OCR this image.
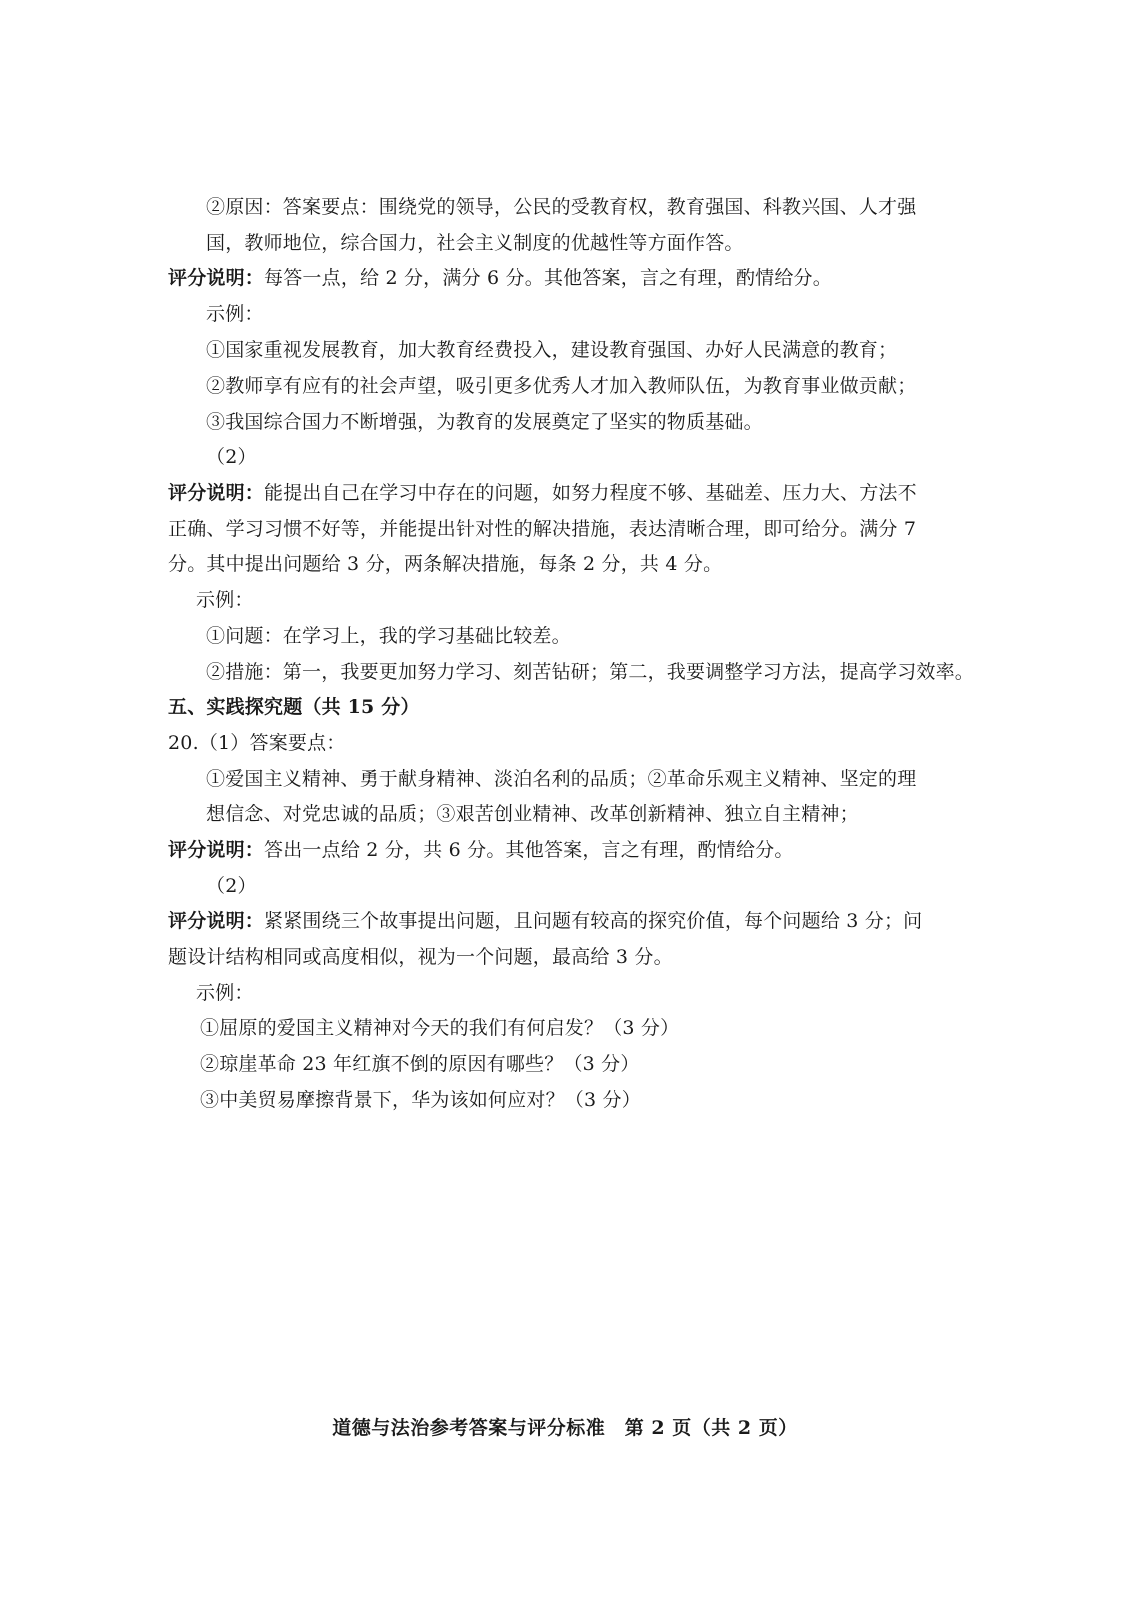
②原因：答案要点：围绕党的领导，公民的受教育权，教育强国、科教兴国、人才强
国，教师地位，综合国力，社会主义制度的优越性等方面作答。
评分说明：每答一点，给 2 分，满分 6 分。其他答案，言之有理，酌情给分。
示例：
①国家重视发展教育，加大教育经费投入，建设教育强国、办好人民满意的教育；
②教师享有应有的社会声望，吸引更多优秀人才加入教师队伍，为教育事业做贡献；
③我国综合国力不断增强，为教育的发展奠定了坚实的物质基础。
（2）
评分说明：能提出自己在学习中存在的问题，如努力程度不够、基础差、压力大、方法不
正确、学习习惯不好等，并能提出针对性的解决措施，表达清晰合理，即可给分。满分 7
分。其中提出问题给 3 分，两条解决措施，每条 2 分，共 4 分。
示例：
①问题：在学习上，我的学习基础比较差。
②措施：第一，我要更加努力学习、刻苦钻研；第二，我要调整学习方法，提高学习效率。
五、实践探究题（共 15 分）
20.（1）答案要点：
①爱国主义精神、勇于献身精神、淡泊名利的品质；②革命乐观主义精神、坚定的理
想信念、对党忠诚的品质；③艰苦创业精神、改革创新精神、独立自主精神；
评分说明：答出一点给 2 分，共 6 分。其他答案，言之有理，酌情给分。
（2）
评分说明：紧紧围绕三个故事提出问题，且问题有较高的探究价值，每个问题给 3 分；问
题设计结构相同或高度相似，视为一个问题，最高给 3 分。
示例：
①屈原的爱国主义精神对今天的我们有何启发？（3 分）
②琼崖革命 23 年红旗不倒的原因有哪些？（3 分）
③中美贸易摩擦背景下，华为该如何应对？（3 分）
道德与法治参考答案与评分标准　第 2 页（共 2 页）
